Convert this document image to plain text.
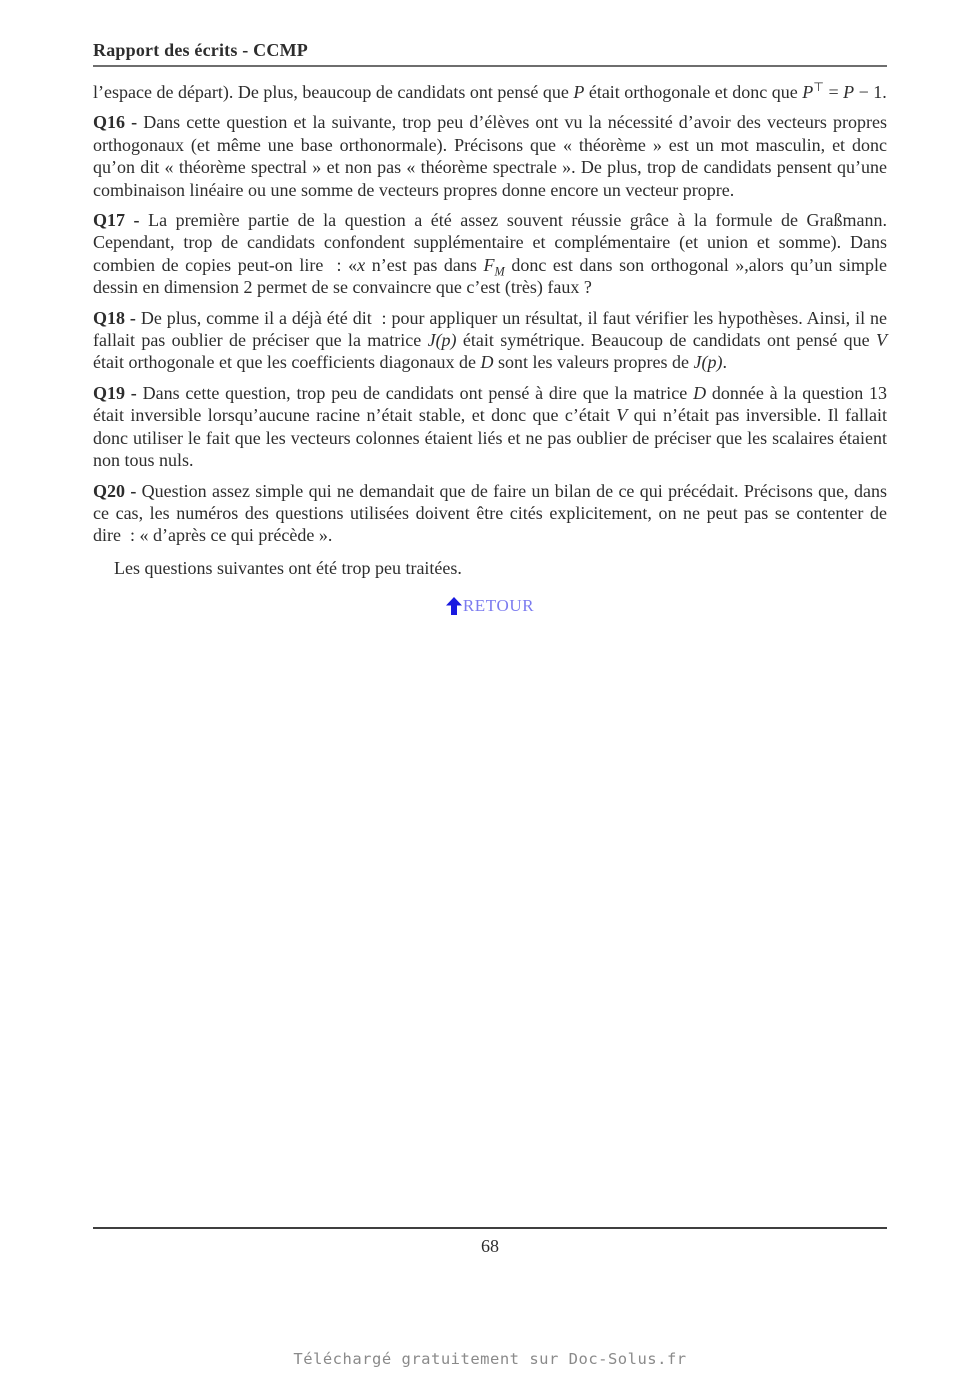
Rapport des écrits - CCMP

l’espace de départ). De plus, beaucoup de candidats ont pensé que P était orthogonale et donc que P⊤ = P − 1.

Q16 - Dans cette question et la suivante, trop peu d’élèves ont vu la nécessité d’avoir des vecteurs propres orthogonaux (et même une base orthonormale). Précisons que « théorème » est un mot masculin, et donc qu’on dit « théorème spectral » et non pas « théorème spectrale ». De plus, trop de candidats pensent qu’une combinaison linéaire ou une somme de vecteurs propres donne encore un vecteur propre.

Q17 - La première partie de la question a été assez souvent réussie grâce à la formule de Graßmann. Cependant, trop de candidats confondent supplémentaire et complémentaire (et union et somme). Dans combien de copies peut-on lire  : «x n’est pas dans $F_M$ donc est dans son orthogonal »,alors qu’un simple dessin en dimension 2 permet de se convaincre que c’est (très) faux ?

Q18 - De plus, comme il a déjà été dit  : pour appliquer un résultat, il faut vérifier les hypothèses. Ainsi, il ne fallait pas oublier de préciser que la matrice J(p) était symétrique. Beaucoup de candidats ont pensé que V était orthogonale et que les coefficients diagonaux de D sont les valeurs propres de J(p).

Q19 - Dans cette question, trop peu de candidats ont pensé à dire que la matrice D donnée à la question 13 était inversible lorsqu’aucune racine n’était stable, et donc que c’était V qui n’était pas inversible. Il fallait donc utiliser le fait que les vecteurs colonnes étaient liés et ne pas oublier de préciser que les scalaires étaient non tous nuls.

Q20 - Question assez simple qui ne demandait que de faire un bilan de ce qui précédait. Précisons que, dans ce cas, les numéros des questions utilisées doivent être cités explicitement, on ne peut pas se contenter de dire  : « d’après ce qui précède ».

Les questions suivantes ont été trop peu traitées.

RETOUR
68
Téléchargé gratuitement sur Doc-Solus.fr
